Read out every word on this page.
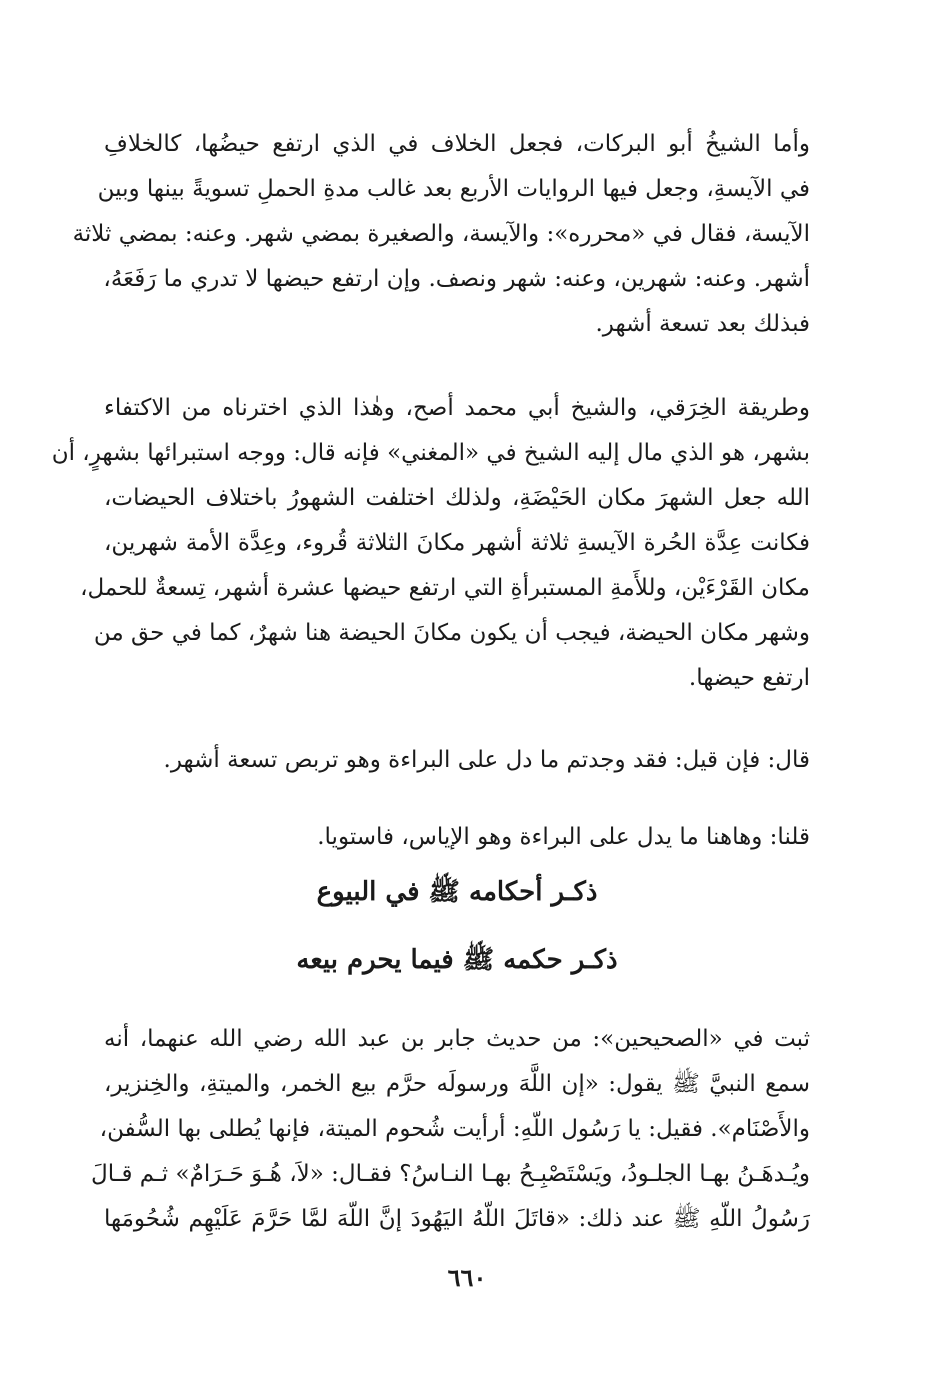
وأما الشيخُ أبو البركات، فجعل الخلاف في الذي ارتفع حيضُها، كالخلافِ
في الآيسةِ، وجعل فيها الروايات الأربع بعد غالب مدةِ الحملِ تسويةً بينها وبين
الآيسة، فقال في «محرره»: والآيسة، والصغيرة بمضي شهر. وعنه: بمضي ثلاثة
أشهر. وعنه: شهرين، وعنه: شهر ونصف. وإن ارتفع حيضها لا تدري ما رَفَعَهُ،
فبذلك بعد تسعة أشهر.
وطريقة الخِرَقي، والشيخ أبي محمد أصح، وهٰذا الذي اخترناه من الاكتفاء
بشهر، هو الذي مال إليه الشيخ في «المغني» فإنه قال: ووجه استبرائها بشهرٍ، أن
الله جعل الشهرَ مكان الحَيْضَةِ، ولذلك اختلفت الشهورُ باختلاف الحيضات،
فكانت عِدَّة الحُرة الآيسةِ ثلاثة أشهر مكانَ الثلاثة قُروء، وعِدَّة الأمة شهرين،
مكان القَرْءَيْن، وللأَمةِ المستبرأةِ التي ارتفع حيضها عشرة أشهر، تِسعةٌ للحمل،
وشهر مكان الحيضة، فيجب أن يكون مكانَ الحيضة هنا شهرٌ، كما في حق من
ارتفع حيضها.
قال: فإن قيل: فقد وجدتم ما دل على البراءة وهو تربص تسعة أشهر.
قلنا: وهاهنا ما يدل على البراءة وهو الإياس، فاستويا.
ذكـر أحكامه ﷺ في البيوع
ذكـر حكمه ﷺ فيما يحرم بيعه
ثبت في «الصحيحين»: من حديث جابر بن عبد الله رضي الله عنهما، أنه
سمع النبيَّ ﷺ يقول: «إن اللَّهَ ورسولَه حرَّم بيع الخمر، والميتةِ، والخِنزير،
والأَصْنَام». فقيل: يا رَسُول اللّهِ: أرأيت شُحوم الميتة، فإنها يُطلى بها السُّفن،
ويُـدهَـنُ بهـا الجلـودُ، ويَسْتَصْبِـحُ بهـا النـاسُ؟ فقـال: «لاَ، هُـوَ حَـرَامٌ» ثـم قـالَ
رَسُولُ اللّهِ ﷺ عند ذلك: «قاتَلَ اللّهُ اليَهُودَ إنَّ اللّهَ لمَّا حَرَّمَ عَلَيْهِم شُحُومَها
٦٦٠
